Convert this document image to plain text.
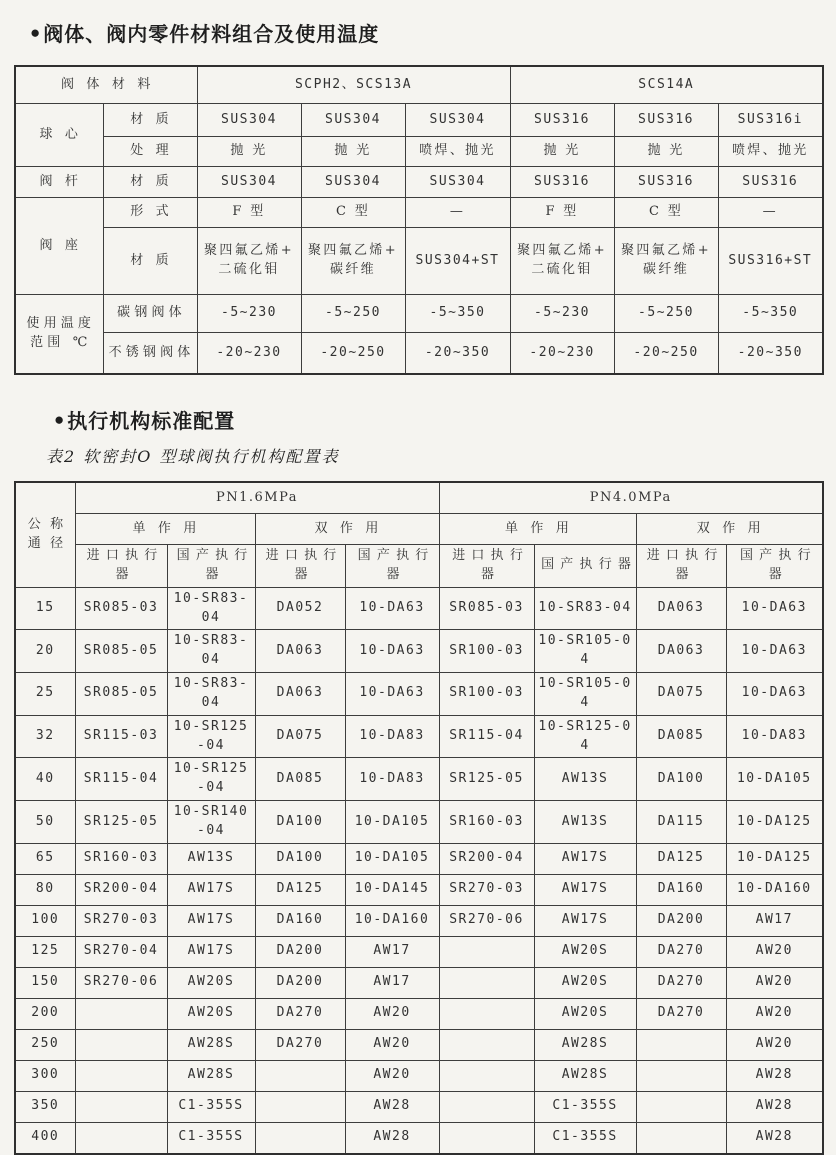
● 阀体、阀内零件材料组合及使用温度
阀 体 材 料		SCPH2、SCS13A			SCS14A		
球 心	材 质	SUS304	SUS304	SUS304	SUS316	SUS316	SUS316i
	处 理	抛 光	抛 光	喷焊、抛光	抛 光	抛 光	喷焊、抛光
阀 杆	材 质	SUS304	SUS304	SUS304	SUS316	SUS316	SUS316
阀 座	形 式	F 型	C 型	—	F 型	C 型	—
	材 质	聚四氟乙烯+ 二硫化钼	聚四氟乙烯+ 碳纤维	SUS304+ST	聚四氟乙烯+ 二硫化钼	聚四氟乙烯+ 碳纤维	SUS316+ST
使用温度范围 ℃	碳钢阀体	-5~230	-5~250	-5~350	-5~230	-5~250	-5~350
	不锈钢阀体	-20~230	-20~250	-20~350	-20~230	-20~250	-20~350
● 执行机构标准配置
表2 软密封O 型球阀执行机构配置表
公 称 通 径	PN1.6MPa				PN4.0MPa			
	单 作 用		双 作 用		单 作 用		双 作 用	
	进 口 执 行 器	国 产 执 行 器	进 口 执 行 器	国 产 执 行 器	进 口 执 行 器	国 产 执 行 器	进 口 执 行 器	国 产 执 行 器
15	SR085-03	10-SR83-04	DA052	10-DA63	SR085-03	10-SR83-04	DA063	10-DA63
20	SR085-05	10-SR83-04	DA063	10-DA63	SR100-03	10-SR105-04	DA063	10-DA63
25	SR085-05	10-SR83-04	DA063	10-DA63	SR100-03	10-SR105-04	DA075	10-DA63
32	SR115-03	10-SR125-04	DA075	10-DA83	SR115-04	10-SR125-04	DA085	10-DA83
40	SR115-04	10-SR125-04	DA085	10-DA83	SR125-05	AW13S	DA100	10-DA105
50	SR125-05	10-SR140-04	DA100	10-DA105	SR160-03	AW13S	DA115	10-DA125
65	SR160-03	AW13S	DA100	10-DA105	SR200-04	AW17S	DA125	10-DA125
80	SR200-04	AW17S	DA125	10-DA145	SR270-03	AW17S	DA160	10-DA160
100	SR270-03	AW17S	DA160	10-DA160	SR270-06	AW17S	DA200	AW17
125	SR270-04	AW17S	DA200	AW17		AW20S	DA270	AW20
150	SR270-06	AW20S	DA200	AW17		AW20S	DA270	AW20
200		AW20S	DA270	AW20		AW20S	DA270	AW20
250		AW28S	DA270	AW20		AW28S		AW20
300		AW28S		AW20		AW28S		AW28
350		C1-355S		AW28		C1-355S		AW28
400		C1-355S		AW28		C1-355S		AW28
